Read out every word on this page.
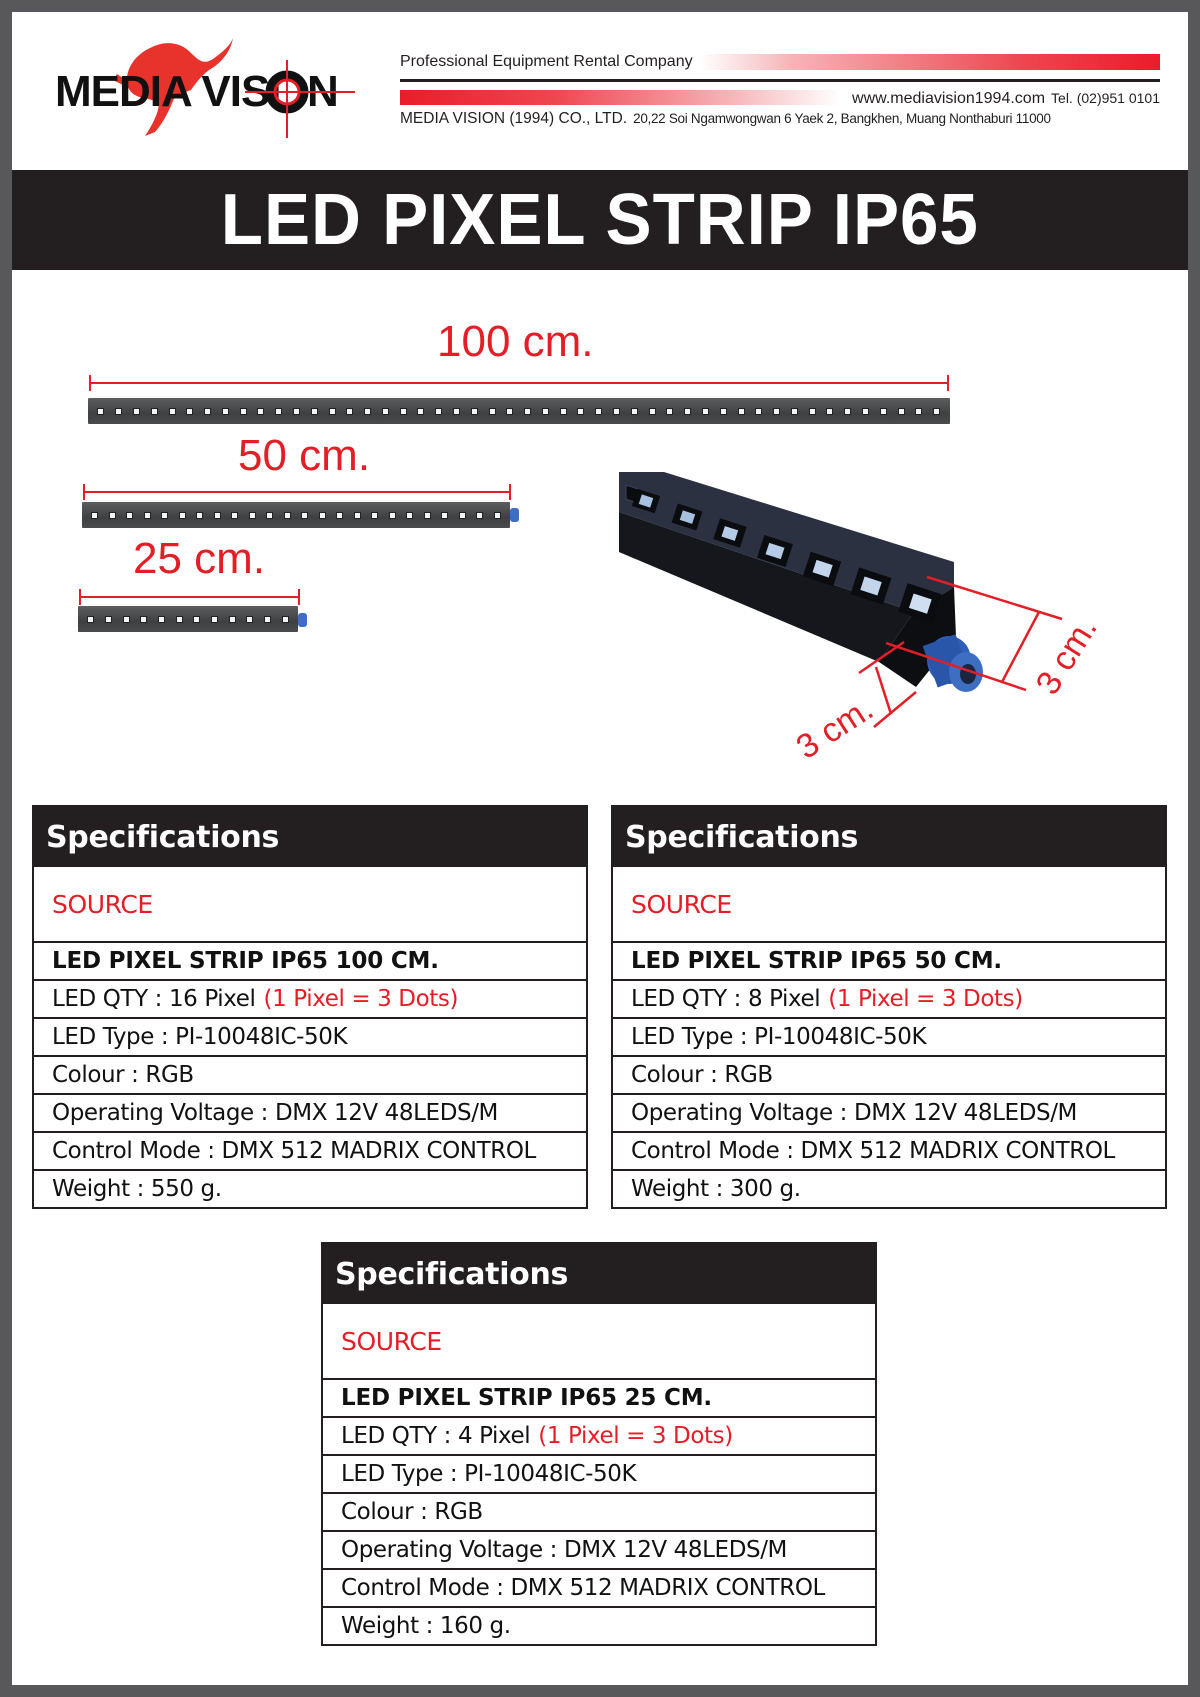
MEDIA VISI N
Professional Equipment Rental Company
www.mediavision1994.com Tel. (02)951 0101
MEDIA VISION (1994) CO., LTD. 20,22 Soi Ngamwongwan 6 Yaek 2, Bangkhen, Muang Nonthaburi 11000
LED PIXEL STRIP IP65
100 cm.
50 cm.
25 cm.
3 cm.
3 cm.
Specifications
SOURCE
LED PIXEL STRIP IP65 100 CM.
LED QTY : 16 Pixel (1 Pixel = 3 Dots)
LED Type : PI-10048IC-50K
Colour : RGB
Operating Voltage : DMX 12V 48LEDS/M
Control Mode : DMX 512 MADRIX CONTROL
Weight : 550 g.
Specifications
SOURCE
LED PIXEL STRIP IP65 50 CM.
LED QTY : 8 Pixel (1 Pixel = 3 Dots)
LED Type : PI-10048IC-50K
Colour : RGB
Operating Voltage : DMX 12V 48LEDS/M
Control Mode : DMX 512 MADRIX CONTROL
Weight : 300 g.
Specifications
SOURCE
LED PIXEL STRIP IP65 25 CM.
LED QTY : 4 Pixel (1 Pixel = 3 Dots)
LED Type : PI-10048IC-50K
Colour : RGB
Operating Voltage : DMX 12V 48LEDS/M
Control Mode : DMX 512 MADRIX CONTROL
Weight : 160 g.
